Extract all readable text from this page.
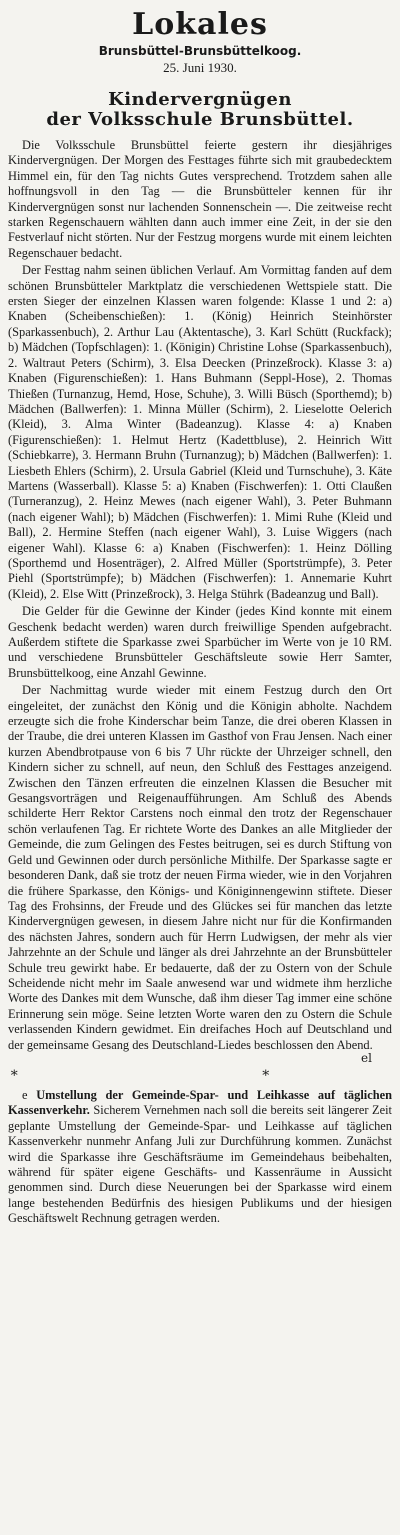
Lokales
Brunsbüttel-Brunsbüttelkoog.
25. Juni 1930.
Kindervergnügen
der Volksschule Brunsbüttel.

Die Volksschule Brunsbüttel feierte gestern ihr diesjähriges Kindervergnügen. Der Morgen des Festtages führte sich mit graubedecktem Himmel ein, für den Tag nichts Gutes versprechend. Trotzdem sahen alle hoffnungsvoll in den Tag — die Brunsbütteler kennen für ihr Kindervergnügen sonst nur lachenden Sonnenschein —. Die zeitweise recht starken Regenschauern wählten dann auch immer eine Zeit, in der sie den Festverlauf nicht störten. Nur der Festzug morgens wurde mit einem leichten Regenschauer bedacht.

Der Festtag nahm seinen üblichen Verlauf. Am Vormittag fanden auf dem schönen Brunsbütteler Marktplatz die verschiedenen Wettspiele statt. Die ersten Sieger der einzelnen Klassen waren folgende: Klasse 1 und 2: a) Knaben (Scheibenschießen): 1. (König) Heinrich Steinhörster (Sparkassenbuch), 2. Arthur Lau (Aktentasche), 3. Karl Schütt (Ruckfack); b) Mädchen (Topfschlagen): 1. (Königin) Christine Lohse (Sparkassenbuch), 2. Waltraut Peters (Schirm), 3. Elsa Deecken (Prinzeßrock). Klasse 3: a) Knaben (Figurenschießen): 1. Hans Buhmann (Seppl-Hose), 2. Thomas Thießen (Turnanzug, Hemd, Hose, Schuhe), 3. Willi Büsch (Sporthemd); b) Mädchen (Ballwerfen): 1. Minna Müller (Schirm), 2. Lieselotte Oelerich (Kleid), 3. Alma Winter (Badeanzug). Klasse 4: a) Knaben (Figurenschießen): 1. Helmut Hertz (Kadettbluse), 2. Heinrich Witt (Schiebkarre), 3. Hermann Bruhn (Turnanzug); b) Mädchen (Ballwerfen): 1. Liesbeth Ehlers (Schirm), 2. Ursula Gabriel (Kleid und Turnschuhe), 3. Käte Martens (Wasserball). Klasse 5: a) Knaben (Fischwerfen): 1. Otti Claußen (Turneranzug), 2. Heinz Mewes (nach eigener Wahl), 3. Peter Buhmann (nach eigener Wahl); b) Mädchen (Fischwerfen): 1. Mimi Ruhe (Kleid und Ball), 2. Hermine Steffen (nach eigener Wahl), 3. Luise Wiggers (nach eigener Wahl). Klasse 6: a) Knaben (Fischwerfen): 1. Heinz Dölling (Sporthemd und Hosenträger), 2. Alfred Müller (Sportstrümpfe), 3. Peter Piehl (Sportstrümpfe); b) Mädchen (Fischwerfen): 1. Annemarie Kuhrt (Kleid), 2. Else Witt (Prinzeßrock), 3. Helga Stührk (Badeanzug und Ball).

Die Gelder für die Gewinne der Kinder (jedes Kind konnte mit einem Geschenk bedacht werden) waren durch freiwillige Spenden aufgebracht. Außerdem stiftete die Sparkasse zwei Sparbücher im Werte von je 10 RM. und verschiedene Brunsbütteler Geschäftsleute sowie Herr Samter, Brunsbüttelkoog, eine Anzahl Gewinne.

Der Nachmittag wurde wieder mit einem Festzug durch den Ort eingeleitet, der zunächst den König und die Königin abholte. Nachdem erzeugte sich die frohe Kinderschar beim Tanze, die drei oberen Klassen in der Traube, die drei unteren Klassen im Gasthof von Frau Jensen. Nach einer kurzen Abendbrotpause von 6 bis 7 Uhr rückte der Uhrzeiger schnell, den Kindern sicher zu schnell, auf neun, den Schluß des Festtages anzeigend. Zwischen den Tänzen erfreuten die einzelnen Klassen die Besucher mit Gesangsvorträgen und Reigenaufführungen. Am Schluß des Abends schilderte Herr Rektor Carstens noch einmal den trotz der Regenschauer schön verlaufenen Tag. Er richtete Worte des Dankes an alle Mitglieder der Gemeinde, die zum Gelingen des Festes beitrugen, sei es durch Stiftung von Geld und Gewinnen oder durch persönliche Mithilfe. Der Sparkasse sagte er besonderen Dank, daß sie trotz der neuen Firma wieder, wie in den Vorjahren die frühere Sparkasse, den Königs- und Königinnengewinn stiftete. Dieser Tag des Frohsinns, der Freude und des Glückes sei für manchen das letzte Kindervergnügen gewesen, in diesem Jahre nicht nur für die Konfirmanden des nächsten Jahres, sondern auch für Herrn Ludwigsen, der mehr als vier Jahrzehnte an der Schule und länger als drei Jahrzehnte an der Brunsbütteler Schule treu gewirkt habe. Er bedauerte, daß der zu Ostern von der Schule Scheidende nicht mehr im Saale anwesend war und widmete ihm herzliche Worte des Dankes mit dem Wunsche, daß ihm dieser Tag immer eine schöne Erinnerung sein möge. Seine letzten Worte waren den zu Ostern die Schule verlassenden Kindern gewidmet. Ein dreifaches Hoch auf Deutschland und der gemeinsame Gesang des Deutschland-Liedes beschlossen den Abend.

el
* *

e Umstellung der Gemeinde-Spar- und Leihkasse auf täglichen Kassenverkehr. Sicherem Vernehmen nach soll die bereits seit längerer Zeit geplante Umstellung der Gemeinde-Spar- und Leihkasse auf täglichen Kassenverkehr nunmehr Anfang Juli zur Durchführung kommen. Zunächst wird die Sparkasse ihre Geschäftsräume im Gemeindehaus beibehalten, während für später eigene Geschäfts- und Kassenräume in Aussicht genommen sind. Durch diese Neuerungen bei der Sparkasse wird einem lange bestehenden Bedürfnis des hiesigen Publikums und der hiesigen Geschäftswelt Rechnung getragen werden.
